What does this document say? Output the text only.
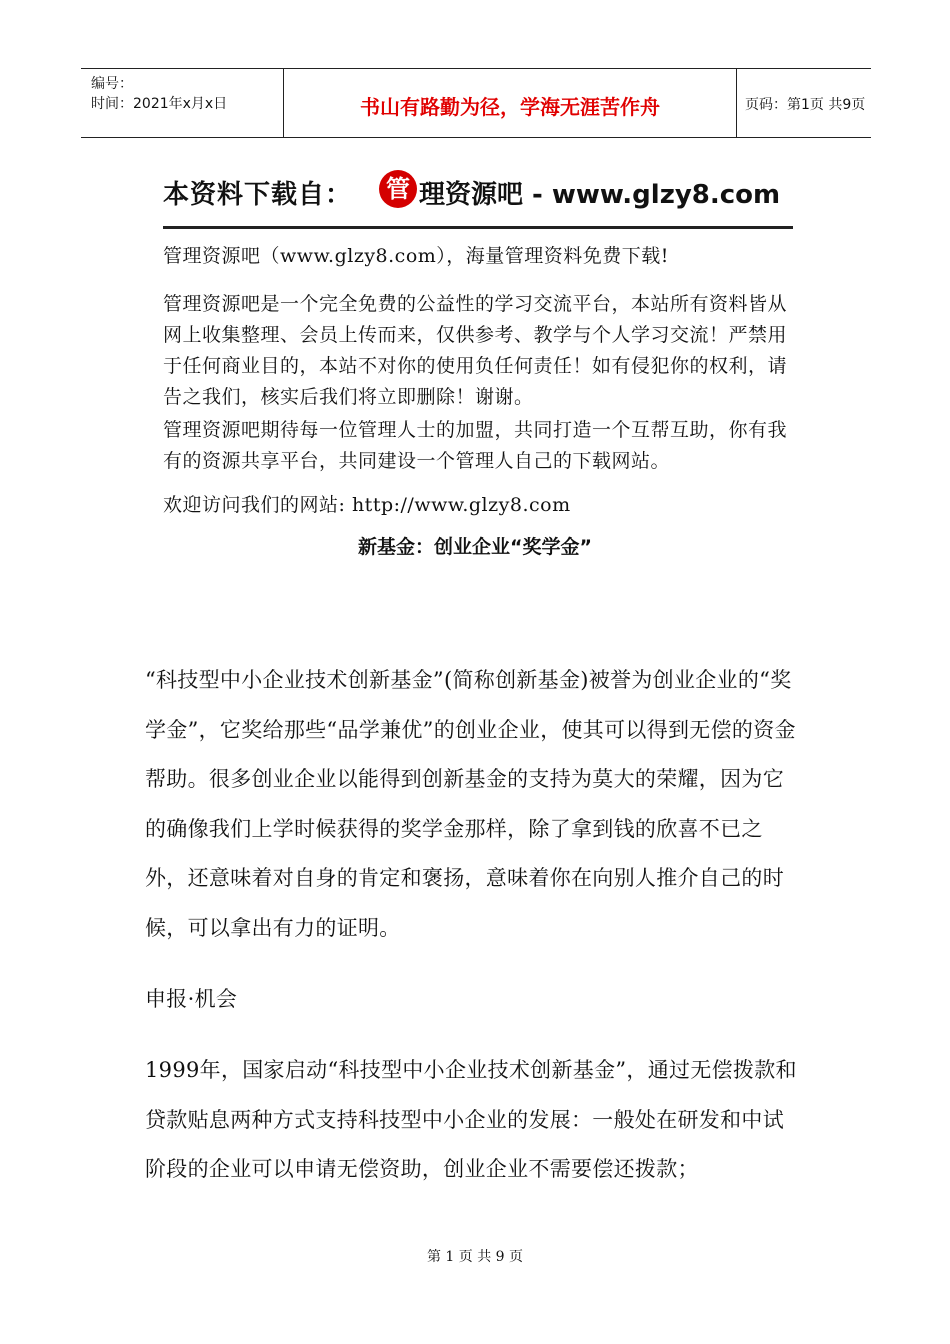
编号：
时间：2021年x月x日	书山有路勤为径，学海无涯苦作舟	页码：第1页 共9页
本资料下载自： 管 理资源吧 - www.glzy8.com
管理资源吧（www.glzy8.com），海量管理资料免费下载!
管理资源吧是一个完全免费的公益性的学习交流平台，本站所有资料皆从网上收集整理、会员上传而来，仅供参考、教学与个人学习交流！严禁用于任何商业目的，本站不对你的使用负任何责任！如有侵犯你的权利，请告之我们，核实后我们将立即删除！谢谢。
管理资源吧期待每一位管理人士的加盟，共同打造一个互帮互助，你有我有的资源共享平台，共同建设一个管理人自己的下载网站。
欢迎访问我们的网站: http://www.glzy8.com
新基金：创业企业“奖学金”
“科技型中小企业技术创新基金”(简称创新基金)被誉为创业企业的“奖学金”，它奖给那些“品学兼优”的创业企业，使其可以得到无偿的资金帮助。很多创业企业以能得到创新基金的支持为莫大的荣耀，因为它的确像我们上学时候获得的奖学金那样，除了拿到钱的欣喜不已之外，还意味着对自身的肯定和褒扬，意味着你在向别人推介自己的时候，可以拿出有力的证明。
申报·机会
1999年，国家启动“科技型中小企业技术创新基金”，通过无偿拨款和贷款贴息两种方式支持科技型中小企业的发展：一般处在研发和中试阶段的企业可以申请无偿资助，创业企业不需要偿还拨款；
第 1 页 共 9 页
